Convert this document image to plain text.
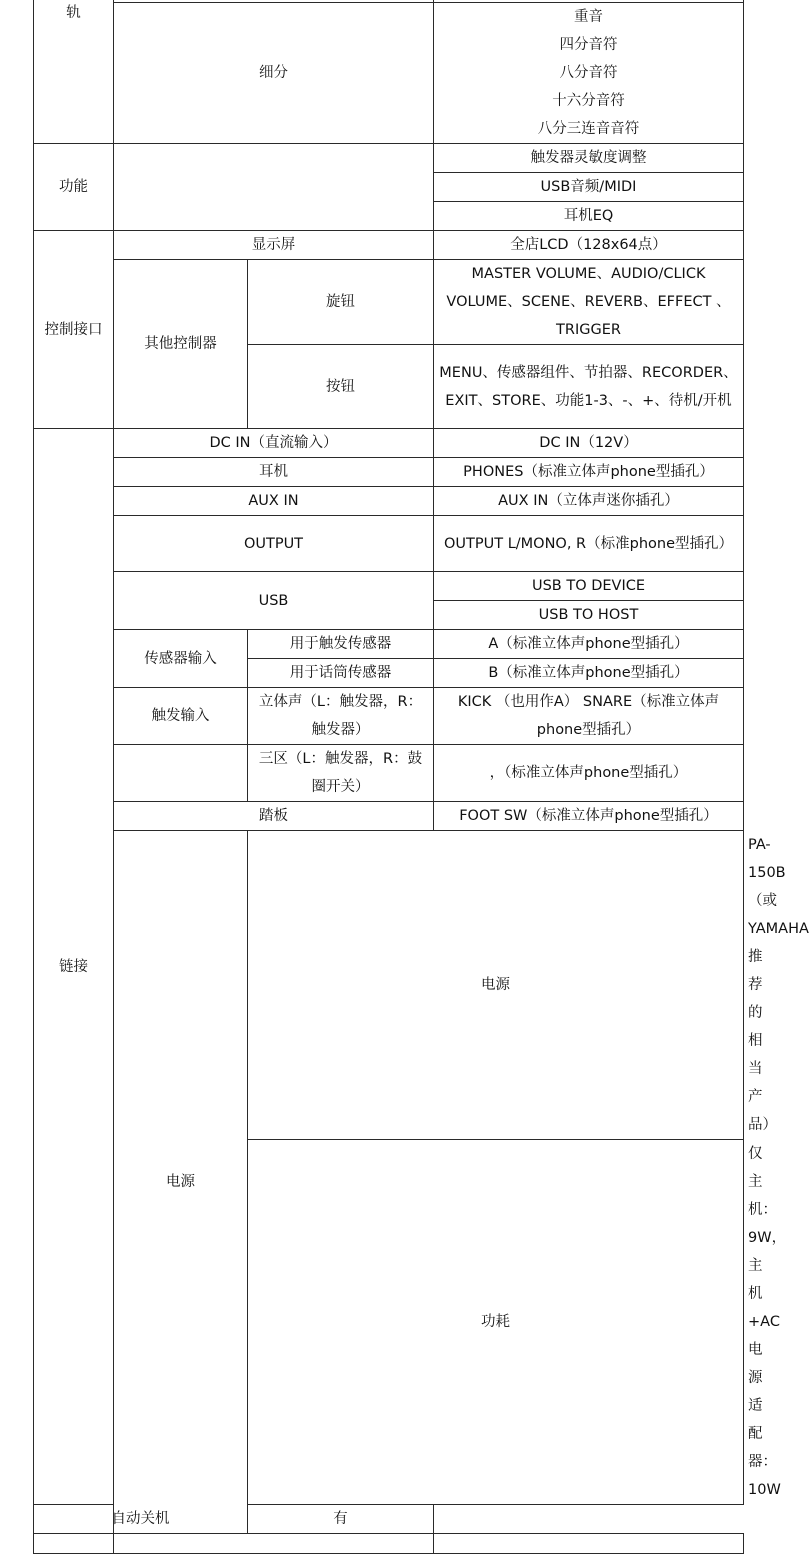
轨				
	细分		重音
四分音符
八分音符
十六分音符
八分三连音音符	

功能			触发器灵敏度调整	
			USB音频/MIDI	
			耳机EQ	
控制接口	显示屏		全店LCD（128x64点）	
	其他控制器	旋钮	MASTER VOLUME、AUDIO/CLICK VOLUME、SCENE、REVERB、EFFECT 、TRIGGER	
		按钮	MENU、传感器组件、节拍器、RECORDER、EXIT、STORE、功能1-3、-、+、待机/开机	
链接	DC IN（直流输入）		DC IN（12V）	
	耳机		PHONES（标准立体声phone型插孔）	
	AUX IN		AUX IN（立体声迷你插孔）	
	OUTPUT		OUTPUT L/MONO, R（标准phone型插孔）	
	USB		USB TO DEVICE	
			USB TO HOST	
	传感器输入	用于触发传感器	A（标准立体声phone型插孔）	
		用于话筒传感器	B（标准立体声phone型插孔）	
	触发输入	立体声（L：触发器，R：触发器）	KICK （也用作A） SNARE（标准立体声phone型插孔）	
		三区（L：触发器，R：鼓圈开关）	，（标准立体声phone型插孔）	
	踏板		FOOT SW（标准立体声phone型插孔）	
	电源	电源		PA-150B（或YAMAHA推荐的相当产品）
		功耗		仅主机：9W，主机+AC电源适配器：10W
自动关机		有		
